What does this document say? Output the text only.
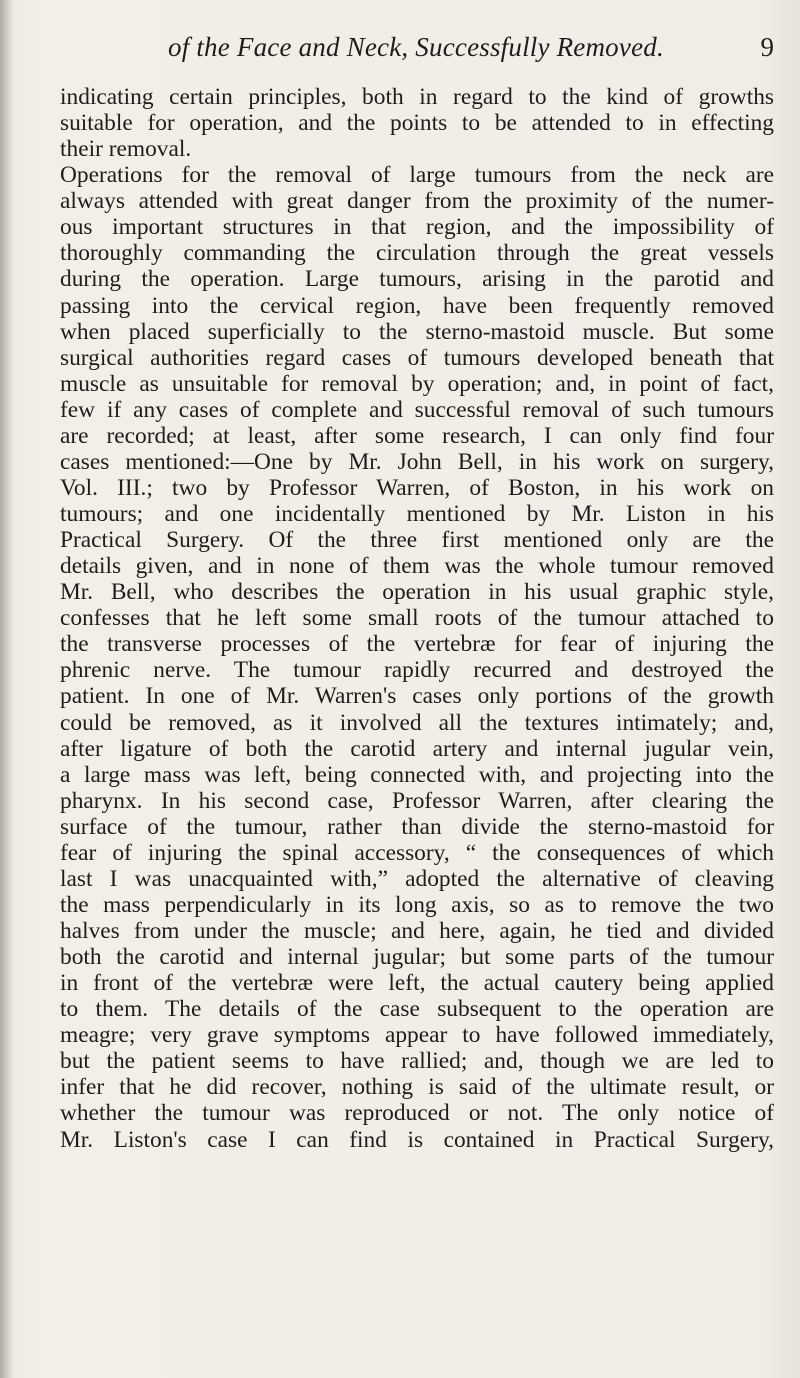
of the Face and Neck, Successfully Removed.	9
indicating certain principles, both in regard to the kind of growths
suitable for operation, and the points to be attended to in effecting
their removal.
Operations for the removal of large tumours from the neck are
always attended with great danger from the proximity of the numer-
ous important structures in that region, and the impossibility of
thoroughly commanding the circulation through the great vessels
during the operation. Large tumours, arising in the parotid and
passing into the cervical region, have been frequently removed
when placed superficially to the sterno-mastoid muscle. But some
surgical authorities regard cases of tumours developed beneath that
muscle as unsuitable for removal by operation; and, in point of fact,
few if any cases of complete and successful removal of such tumours
are recorded; at least, after some research, I can only find four
cases mentioned:—One by Mr. John Bell, in his work on surgery,
Vol. III.; two by Professor Warren, of Boston, in his work on
tumours; and one incidentally mentioned by Mr. Liston in his
Practical Surgery. Of the three first mentioned only are the
details given, and in none of them was the whole tumour removed
Mr. Bell, who describes the operation in his usual graphic style,
confesses that he left some small roots of the tumour attached to
the transverse processes of the vertebræ for fear of injuring the
phrenic nerve. The tumour rapidly recurred and destroyed the
patient. In one of Mr. Warren's cases only portions of the growth
could be removed, as it involved all the textures intimately; and,
after ligature of both the carotid artery and internal jugular vein,
a large mass was left, being connected with, and projecting into the
pharynx. In his second case, Professor Warren, after clearing the
surface of the tumour, rather than divide the sterno-mastoid for
fear of injuring the spinal accessory, “ the consequences of which
last I was unacquainted with,” adopted the alternative of cleaving
the mass perpendicularly in its long axis, so as to remove the two
halves from under the muscle; and here, again, he tied and divided
both the carotid and internal jugular; but some parts of the tumour
in front of the vertebræ were left, the actual cautery being applied
to them. The details of the case subsequent to the operation are
meagre; very grave symptoms appear to have followed immediately,
but the patient seems to have rallied; and, though we are led to
infer that he did recover, nothing is said of the ultimate result, or
whether the tumour was reproduced or not. The only notice of
Mr. Liston's case I can find is contained in Practical Surgery,
